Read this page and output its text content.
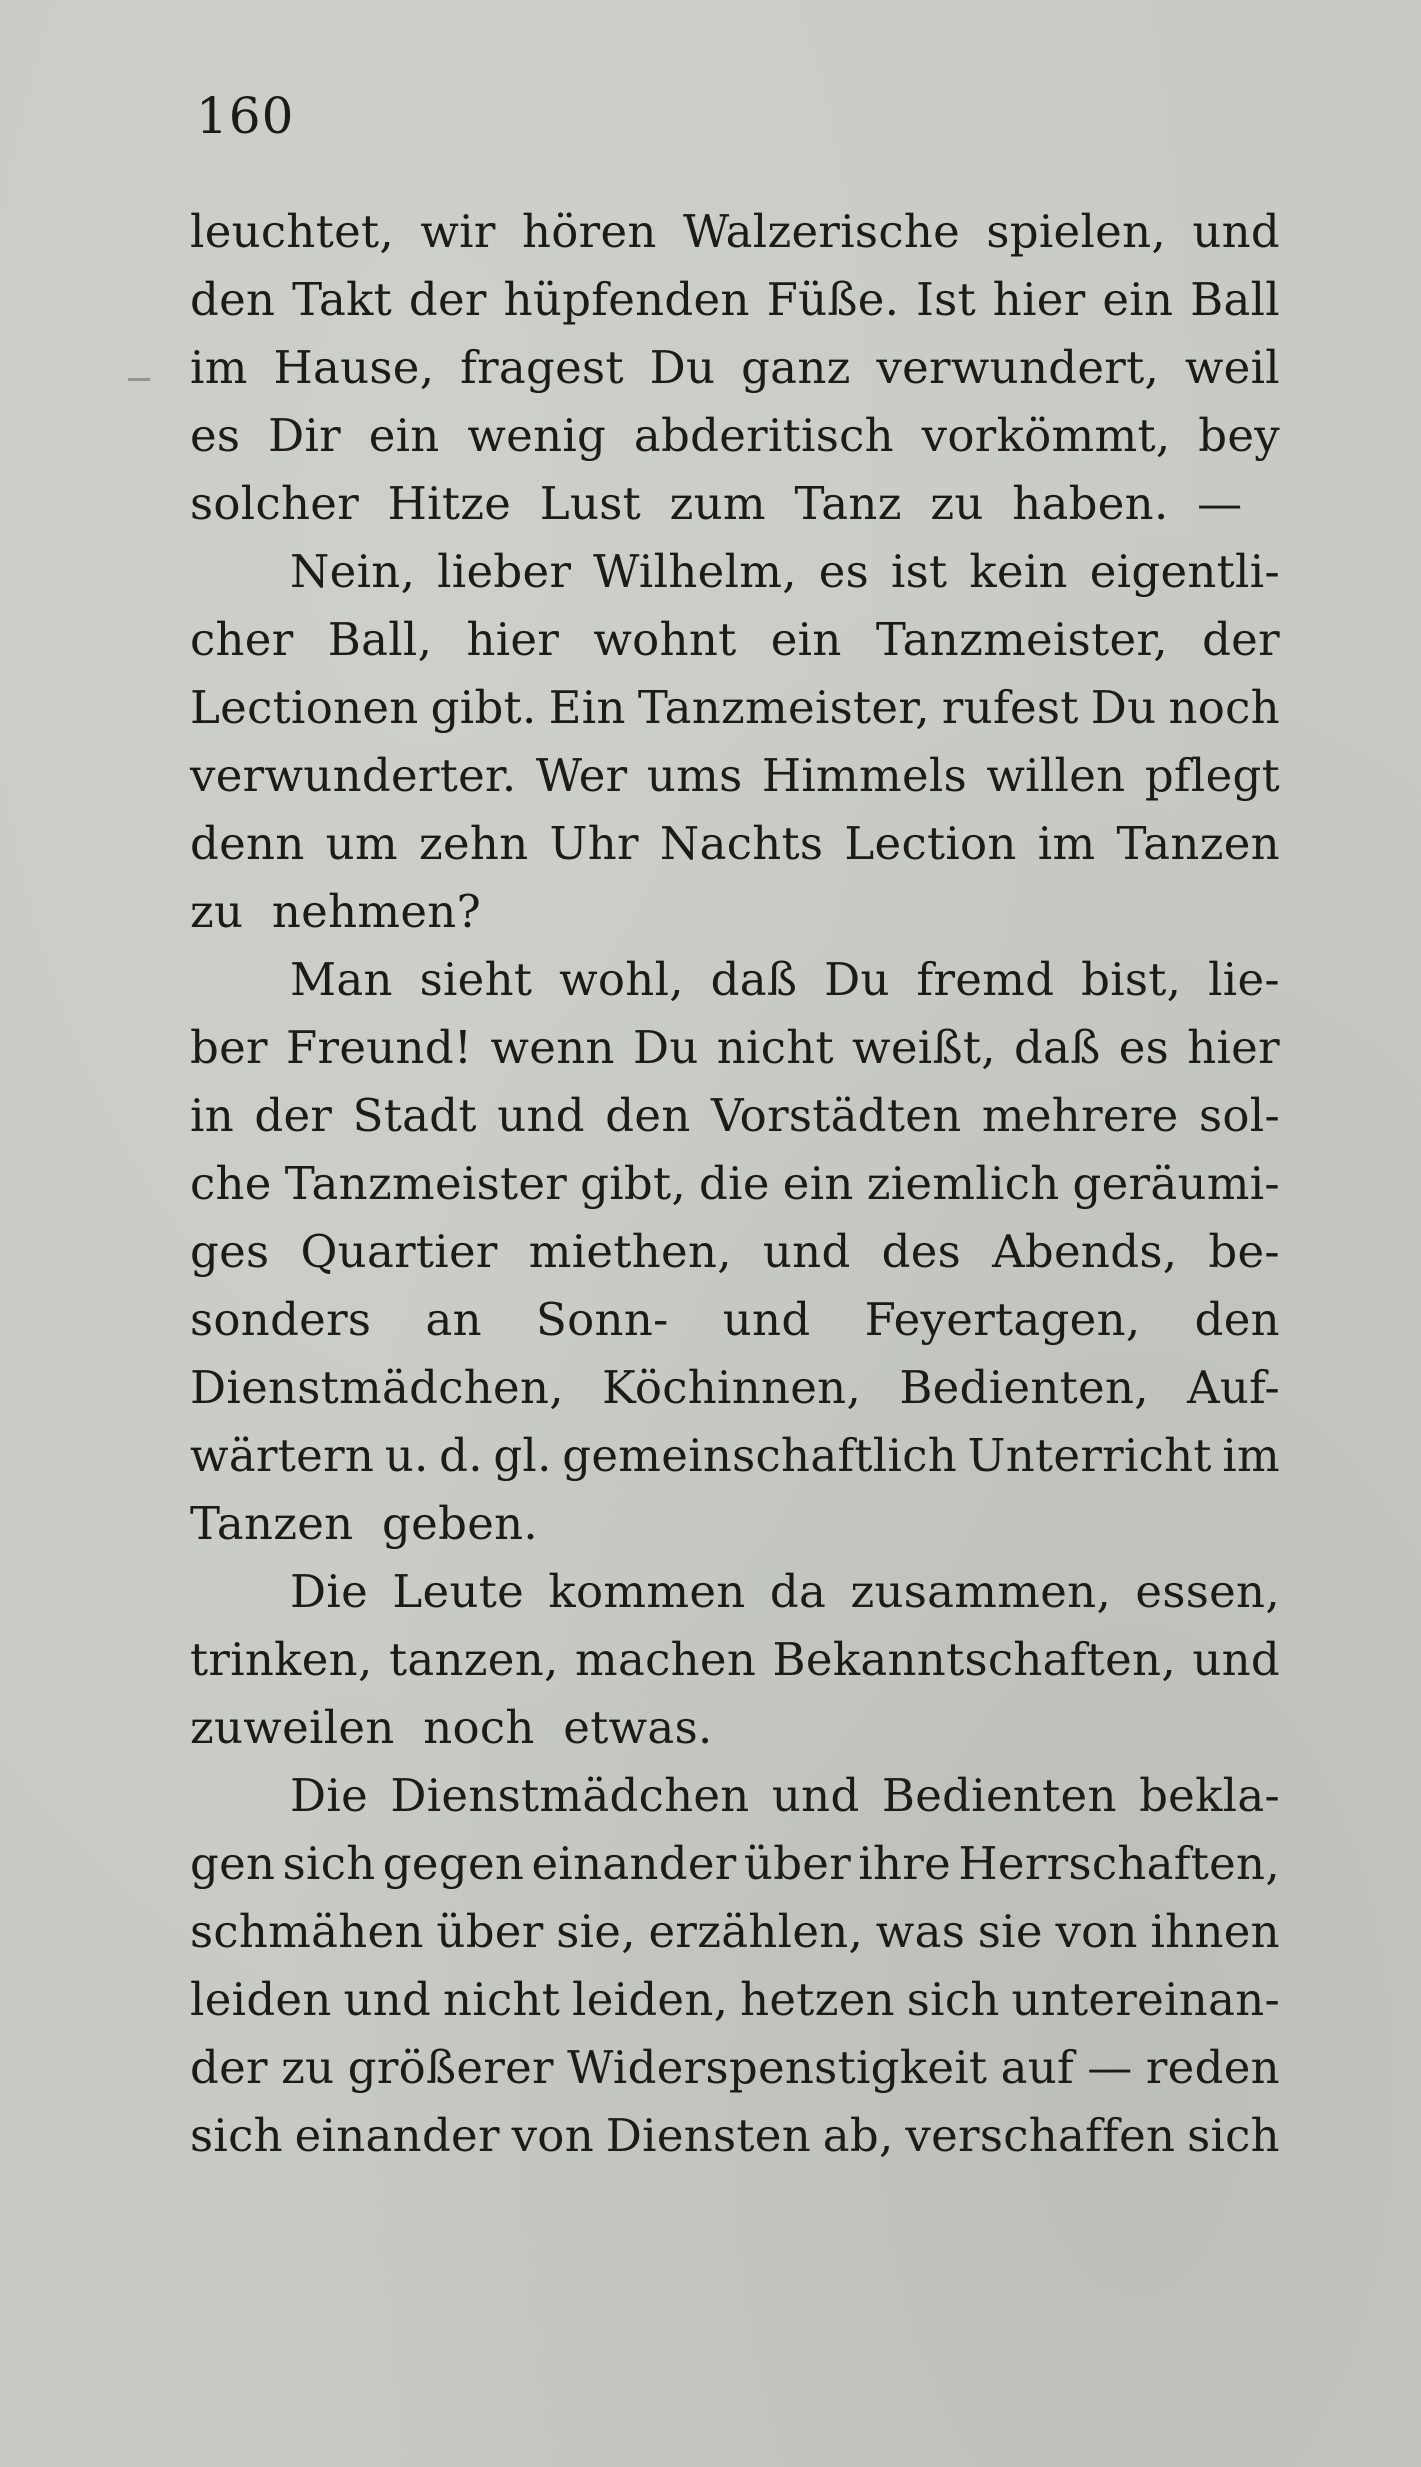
160
leuchtet, wir hören Walzerische spielen, und
den Takt der hüpfenden Füße. Ist hier ein Ball
im Hause, fragest Du ganz verwundert, weil
es Dir ein wenig abderitisch vorkömmt, bey
solcher Hitze Lust zum Tanz zu haben. —
Nein, lieber Wilhelm, es ist kein eigentli-
cher Ball, hier wohnt ein Tanzmeister, der
Lectionen gibt. Ein Tanzmeister, rufest Du noch
verwunderter. Wer ums Himmels willen pflegt
denn um zehn Uhr Nachts Lection im Tanzen
zu nehmen?
Man sieht wohl, daß Du fremd bist, lie-
ber Freund! wenn Du nicht weißt, daß es hier
in der Stadt und den Vorstädten mehrere sol-
che Tanzmeister gibt, die ein ziemlich geräumi-
ges Quartier miethen, und des Abends, be-
sonders an Sonn- und Feyertagen, den
Dienstmädchen, Köchinnen, Bedienten, Auf-
wärtern u. d. gl. gemeinschaftlich Unterricht im
Tanzen geben.
Die Leute kommen da zusammen, essen,
trinken, tanzen, machen Bekanntschaften, und
zuweilen noch etwas.
Die Dienstmädchen und Bedienten bekla-
gen sich gegen einander über ihre Herrschaften,
schmähen über sie, erzählen, was sie von ihnen
leiden und nicht leiden, hetzen sich untereinan-
der zu größerer Widerspenstigkeit auf — reden
sich einander von Diensten ab, verschaffen sich
